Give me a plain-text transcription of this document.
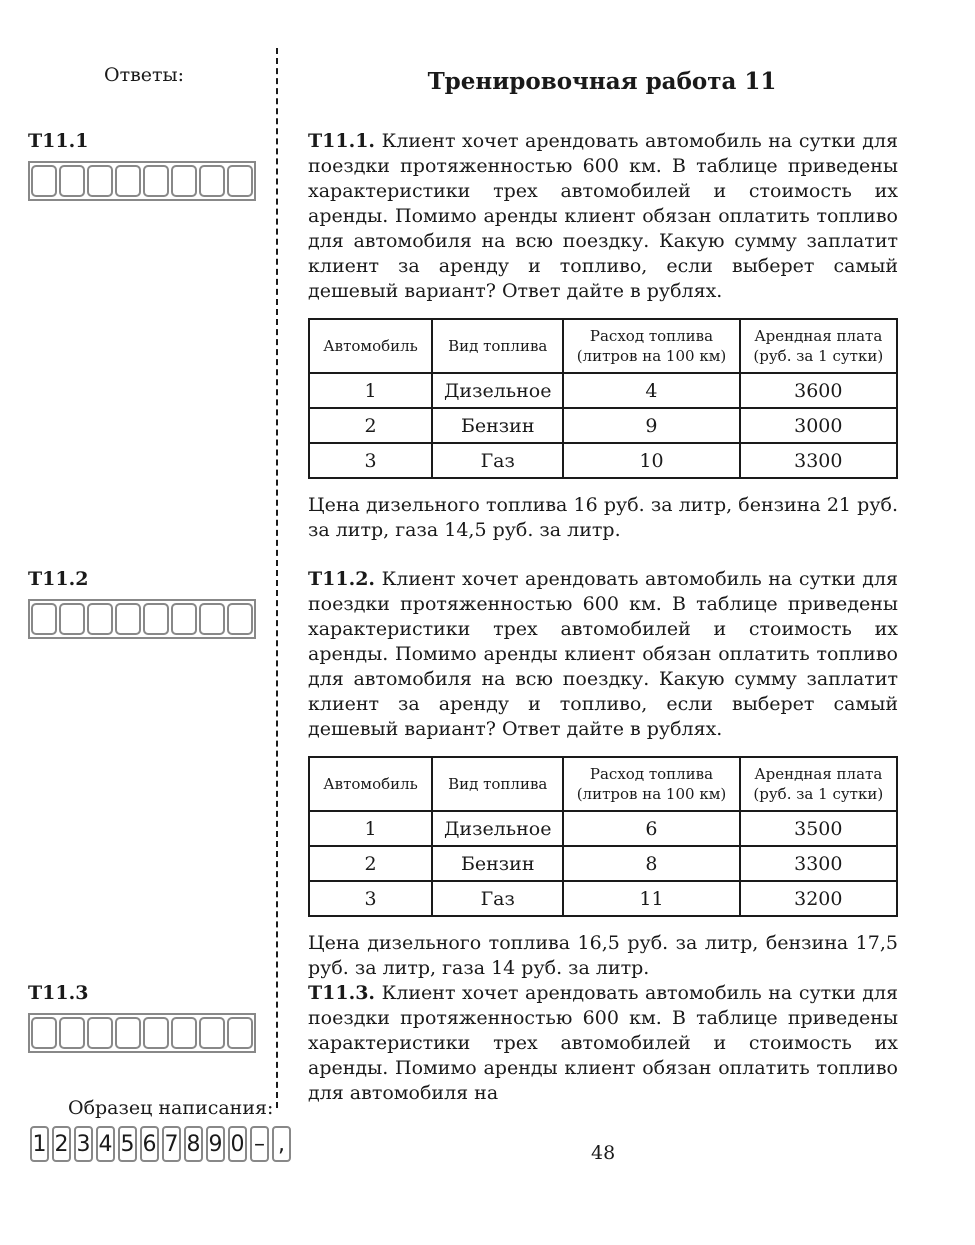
Ответы:
Т11.1
Т11.2
Т11.3
Тренировочная работа 11
Т11.1. Клиент хочет арендовать автомобиль на сутки для поездки протяженностью 600 км. В таблице приведены характеристики трех автомобилей и стоимость их аренды. Помимо аренды клиент обязан оплатить топливо для автомобиля на всю поездку. Какую сумму заплатит клиент за аренду и топливо, если выберет самый дешевый вариант? Ответ дайте в рублях.
Автомобиль	Вид топлива	Расход топлива (литров на 100 км)	Арендная плата (руб. за 1 сутки)
1	Дизельное	4	3600
2	Бензин	9	3000
3	Газ	10	3300
Цена дизельного топлива 16 руб. за литр, бензина 21 руб. за литр, газа 14,5 руб. за литр.
Т11.2. Клиент хочет арендовать автомобиль на сутки для поездки протяженностью 600 км. В таблице приведены характеристики трех автомобилей и стоимость их аренды. Помимо аренды клиент обязан оплатить топливо для автомобиля на всю поездку. Какую сумму заплатит клиент за аренду и топливо, если выберет самый дешевый вариант? Ответ дайте в рублях.
Автомобиль	Вид топлива	Расход топлива (литров на 100 км)	Арендная плата (руб. за 1 сутки)
1	Дизельное	6	3500
2	Бензин	8	3300
3	Газ	11	3200
Цена дизельного топлива 16,5 руб. за литр, бензина 17,5 руб. за литр, газа 14 руб. за литр.
Т11.3. Клиент хочет арендовать автомобиль на сутки для поездки протяженностью 600 км. В таблице приведены характеристики трех автомобилей и стоимость их аренды. Помимо аренды клиент обязан оплатить топливо для автомобиля на
Образец написания:
1 2 3 4 5 6 7 8 9 0 – ,	48
